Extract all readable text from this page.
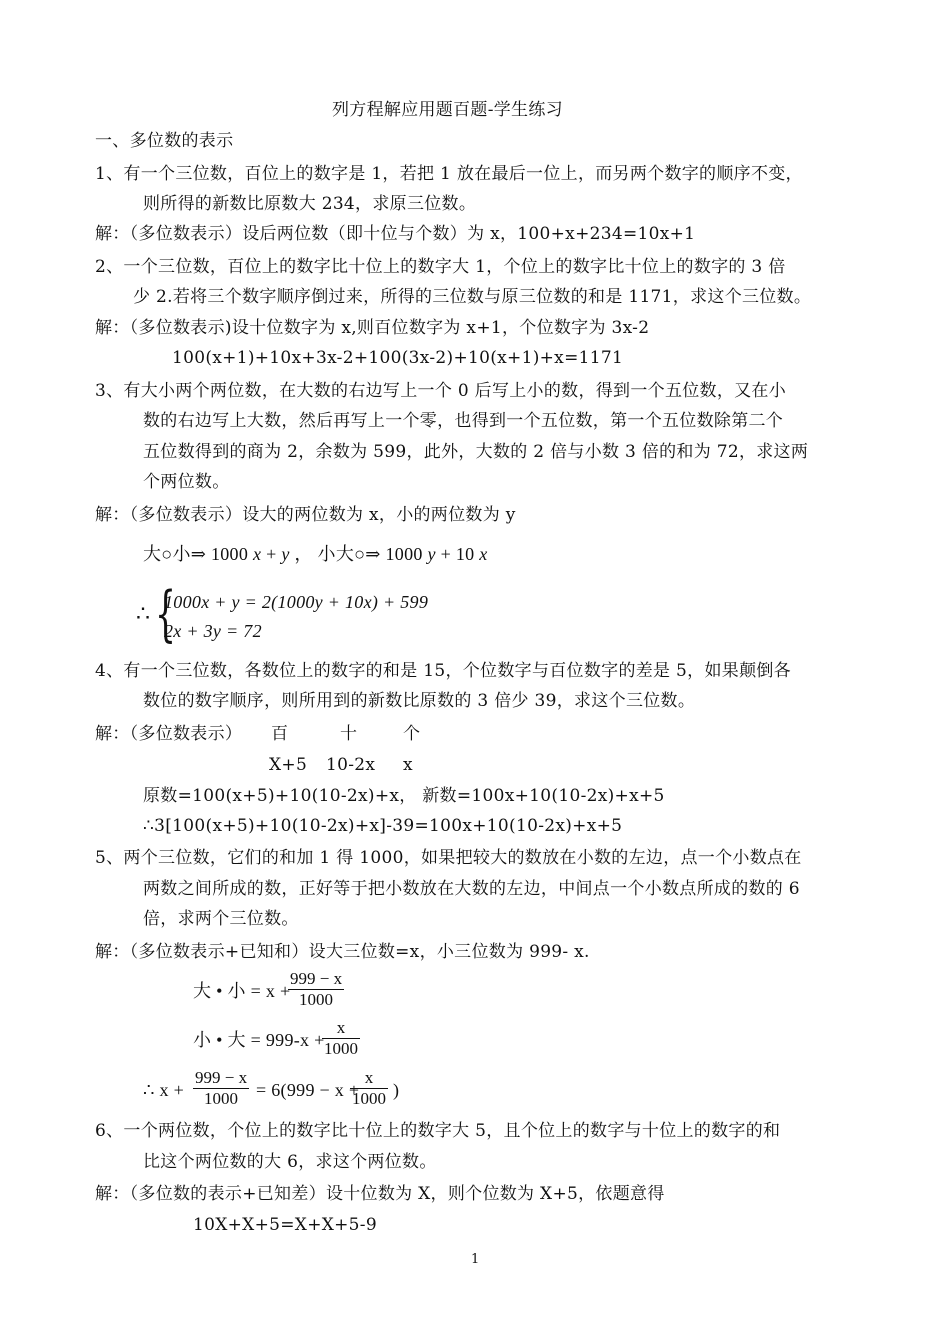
列方程解应用题百题-学生练习
一、多位数的表示
1、有一个三位数，百位上的数字是 1，若把 1 放在最后一位上，而另两个数字的顺序不变，
则所得的新数比原数大 234，求原三位数。
解：（多位数表示）设后两位数（即十位与个数）为 x，100+x+234=10x+1
2、一个三位数，百位上的数字比十位上的数字大 1，个位上的数字比十位上的数字的 3 倍
少 2.若将三个数字顺序倒过来，所得的三位数与原三位数的和是 1171，求这个三位数。
解：（多位数表示)设十位数字为 x,则百位数字为 x+1，个位数字为 3x-2
100(x+1)+10x+3x-2+100(3x-2)+10(x+1)+x=1171
3、有大小两个两位数，在大数的右边写上一个 0 后写上小的数，得到一个五位数，又在小
数的右边写上大数，然后再写上一个零，也得到一个五位数，第一个五位数除第二个
五位数得到的商为 2，余数为 599，此外，大数的 2 倍与小数 3 倍的和为 72，求这两
个两位数。
解：（多位数表示）设大的两位数为 x，小的两位数为 y
大○小⇒ 1000 x + y ， 小大○⇒ 1000 y + 10 x
∴ {
1000x + y = 2(1000y + 10x) + 599
2x + 3y = 72
4、有一个三位数，各数位上的数字的和是 15，个位数字与百位数字的差是 5，如果颠倒各
数位的数字顺序，则所用到的新数比原数的 3 倍少 39，求这个三位数。
解：（多位数表示） 百	十	个
X+5 10-2x x
原数=100(x+5)+10(10-2x)+x， 新数=100x+10(10-2x)+x+5
∴3[100(x+5)+10(10-2x)+x]-39=100x+10(10-2x)+x+5
5、两个三位数，它们的和加 1 得 1000，如果把较大的数放在小数的左边，点一个小数点在
两数之间所成的数，正好等于把小数放在大数的左边，中间点一个小数点所成的数的 6
倍，求两个三位数。
解：（多位数表示+已知和）设大三位数=x，小三位数为 999- x.
大 • 小 = x +
$\frac{999 - x}{1000}$
小 • 大 = 999-x +
$\frac{x}{1000}$
∴ $x + \frac{999 - x}{1000} = 6(999 - x$ +
$\frac{x}{1000}$ )
6、一个两位数，个位上的数字比十位上的数字大 5，且个位上的数字与十位上的数字的和
比这个两位数的大 6，求这个两位数。
解：（多位数的表示+已知差）设十位数为 X，则个位数为 X+5，依题意得
10X+X+5=X+X+5-9
1
